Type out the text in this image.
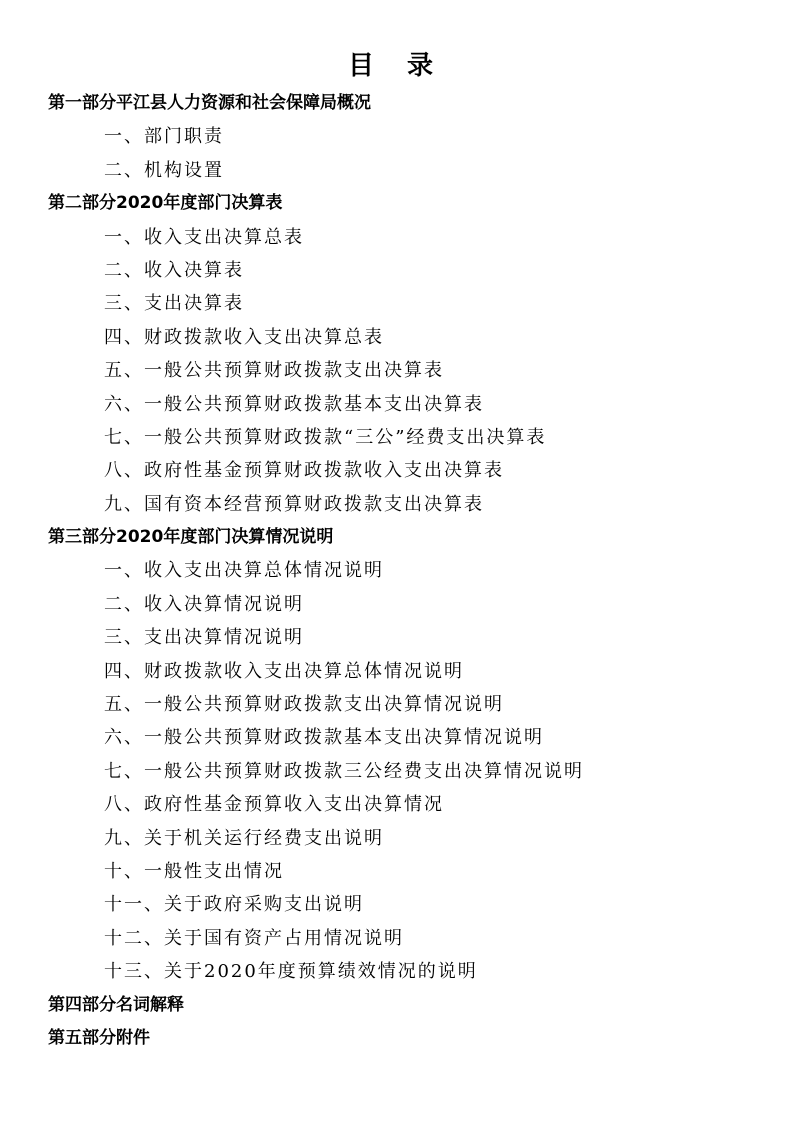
目 录
第一部分平江县人力资源和社会保障局概况
一、部门职责
二、机构设置
第二部分2020年度部门决算表
一、收入支出决算总表
二、收入决算表
三、支出决算表
四、财政拨款收入支出决算总表
五、一般公共预算财政拨款支出决算表
六、一般公共预算财政拨款基本支出决算表
七、一般公共预算财政拨款“三公”经费支出决算表
八、政府性基金预算财政拨款收入支出决算表
九、国有资本经营预算财政拨款支出决算表
第三部分2020年度部门决算情况说明
一、收入支出决算总体情况说明
二、收入决算情况说明
三、支出决算情况说明
四、财政拨款收入支出决算总体情况说明
五、一般公共预算财政拨款支出决算情况说明
六、一般公共预算财政拨款基本支出决算情况说明
七、一般公共预算财政拨款三公经费支出决算情况说明
八、政府性基金预算收入支出决算情况
九、关于机关运行经费支出说明
十、一般性支出情况
十一、关于政府采购支出说明
十二、关于国有资产占用情况说明
十三、关于2020年度预算绩效情况的说明
第四部分名词解释
第五部分附件
